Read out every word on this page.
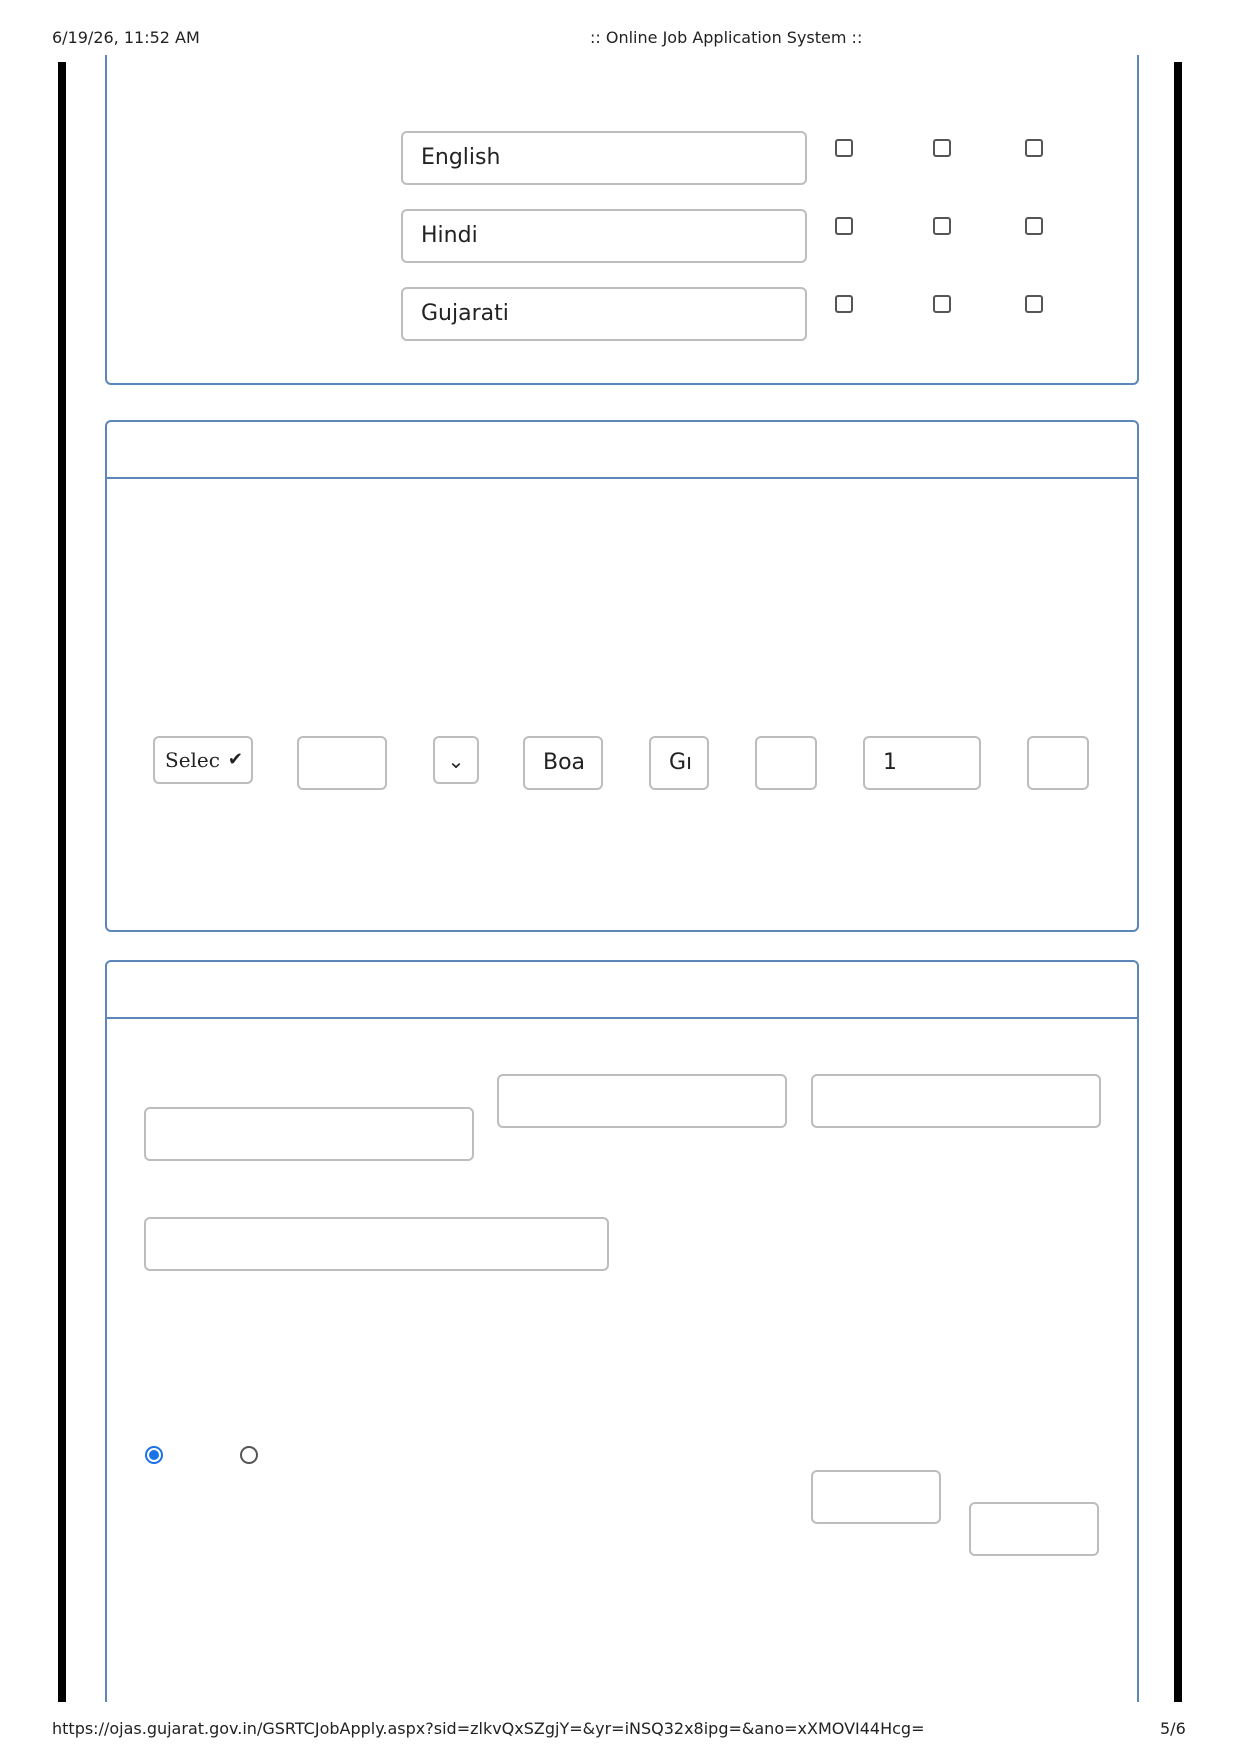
6/19/26, 11:52 AM	:: Online Job Application System ::
English
Hindi
Gujarati
Selec ✔	⌄	Boa	Gı	1
https://ojas.gujarat.gov.in/GSRTCJobApply.aspx?sid=zlkvQxSZgjY=&yr=iNSQ32x8ipg=&ano=xXMOVI44Hcg=	5/6
